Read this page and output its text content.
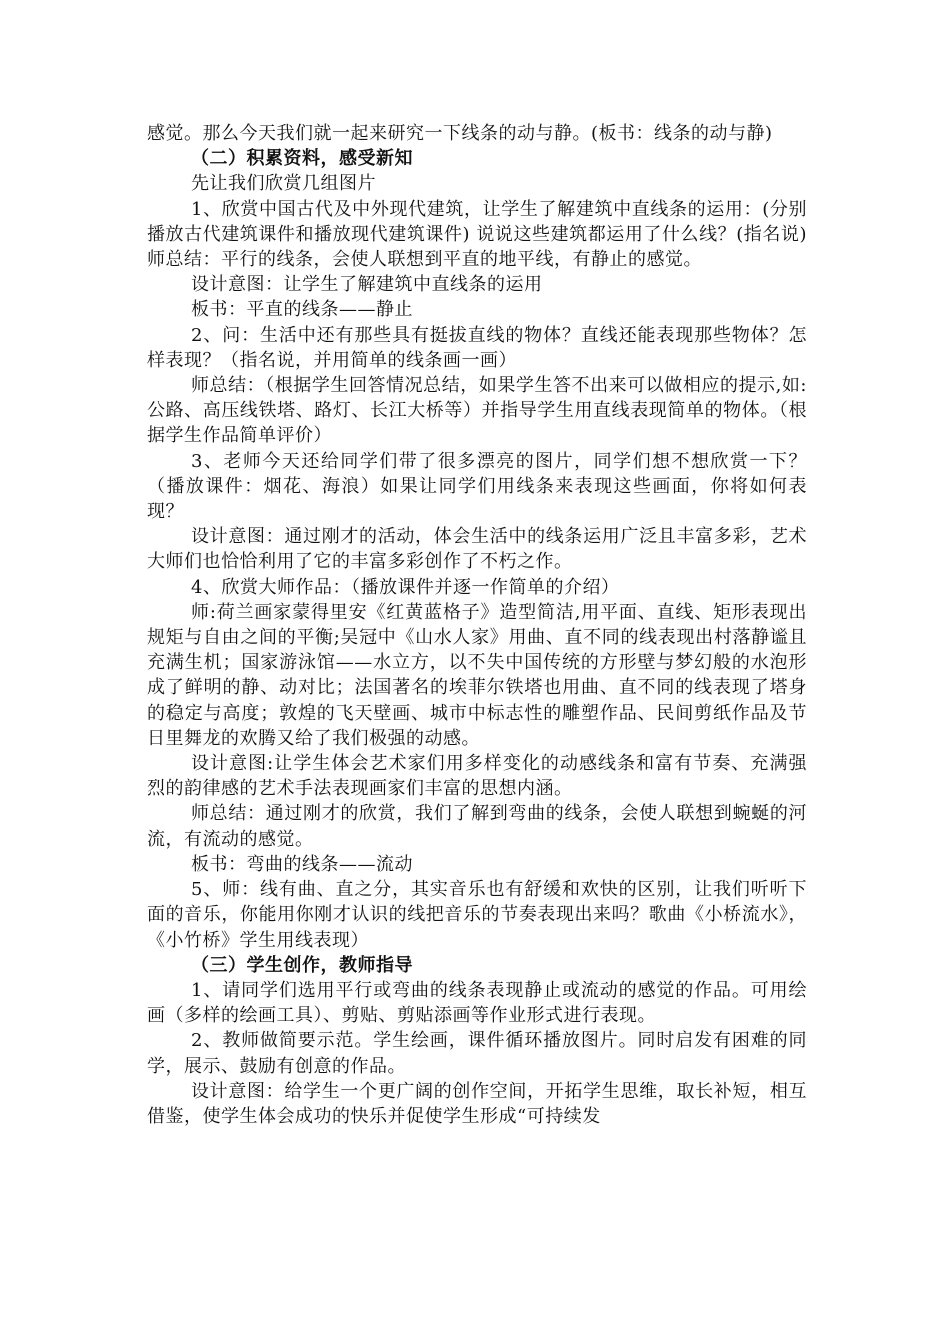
感觉。那么今天我们就一起来研究一下线条的动与静。(板书：线条的动与静)

（二）积累资料，感受新知

先让我们欣赏几组图片

1、欣赏中国古代及中外现代建筑，让学生了解建筑中直线条的运用：(分别播放古代建筑课件和播放现代建筑课件) 说说这些建筑都运用了什么线？(指名说)师总结：平行的线条，会使人联想到平直的地平线，有静止的感觉。

设计意图：让学生了解建筑中直线条的运用

板书：平直的线条——静止

2、问：生活中还有那些具有挺拔直线的物体？直线还能表现那些物体？怎样表现？（指名说，并用简单的线条画一画）

师总结：（根据学生回答情况总结，如果学生答不出来可以做相应的提示,如:公路、高压线铁塔、路灯、长江大桥等）并指导学生用直线表现简单的物体。（根据学生作品简单评价）

3、老师今天还给同学们带了很多漂亮的图片，同学们想不想欣赏一下？（播放课件：烟花、海浪）如果让同学们用线条来表现这些画面，你将如何表现？

设计意图：通过刚才的活动，体会生活中的线条运用广泛且丰富多彩，艺术大师们也恰恰利用了它的丰富多彩创作了不朽之作。

4、欣赏大师作品：（播放课件并逐一作简单的介绍）

师:荷兰画家蒙得里安《红黄蓝格子》造型简洁,用平面、直线、矩形表现出规矩与自由之间的平衡;吴冠中《山水人家》用曲、直不同的线表现出村落静谧且充满生机；国家游泳馆——水立方，以不失中国传统的方形壁与梦幻般的水泡形成了鲜明的静、动对比；法国著名的埃菲尔铁塔也用曲、直不同的线表现了塔身的稳定与高度；敦煌的飞天壁画、城市中标志性的雕塑作品、民间剪纸作品及节日里舞龙的欢腾又给了我们极强的动感。

设计意图:让学生体会艺术家们用多样变化的动感线条和富有节奏、充满强烈的韵律感的艺术手法表现画家们丰富的思想内涵。

师总结：通过刚才的欣赏，我们了解到弯曲的线条，会使人联想到蜿蜒的河流，有流动的感觉。

板书：弯曲的线条——流动

5、师：线有曲、直之分，其实音乐也有舒缓和欢快的区别，让我们听听下面的音乐，你能用你刚才认识的线把音乐的节奏表现出来吗？歌曲《小桥流水》，《小竹桥》学生用线表现）

（三）学生创作，教师指导

1、请同学们选用平行或弯曲的线条表现静止或流动的感觉的作品。可用绘画（多样的绘画工具）、剪贴、剪贴添画等作业形式进行表现。

2、教师做简要示范。学生绘画，课件循环播放图片。同时启发有困难的同学，展示、鼓励有创意的作品。

设计意图：给学生一个更广阔的创作空间，开拓学生思维，取长补短，相互借鉴，使学生体会成功的快乐并促使学生形成“可持续发
